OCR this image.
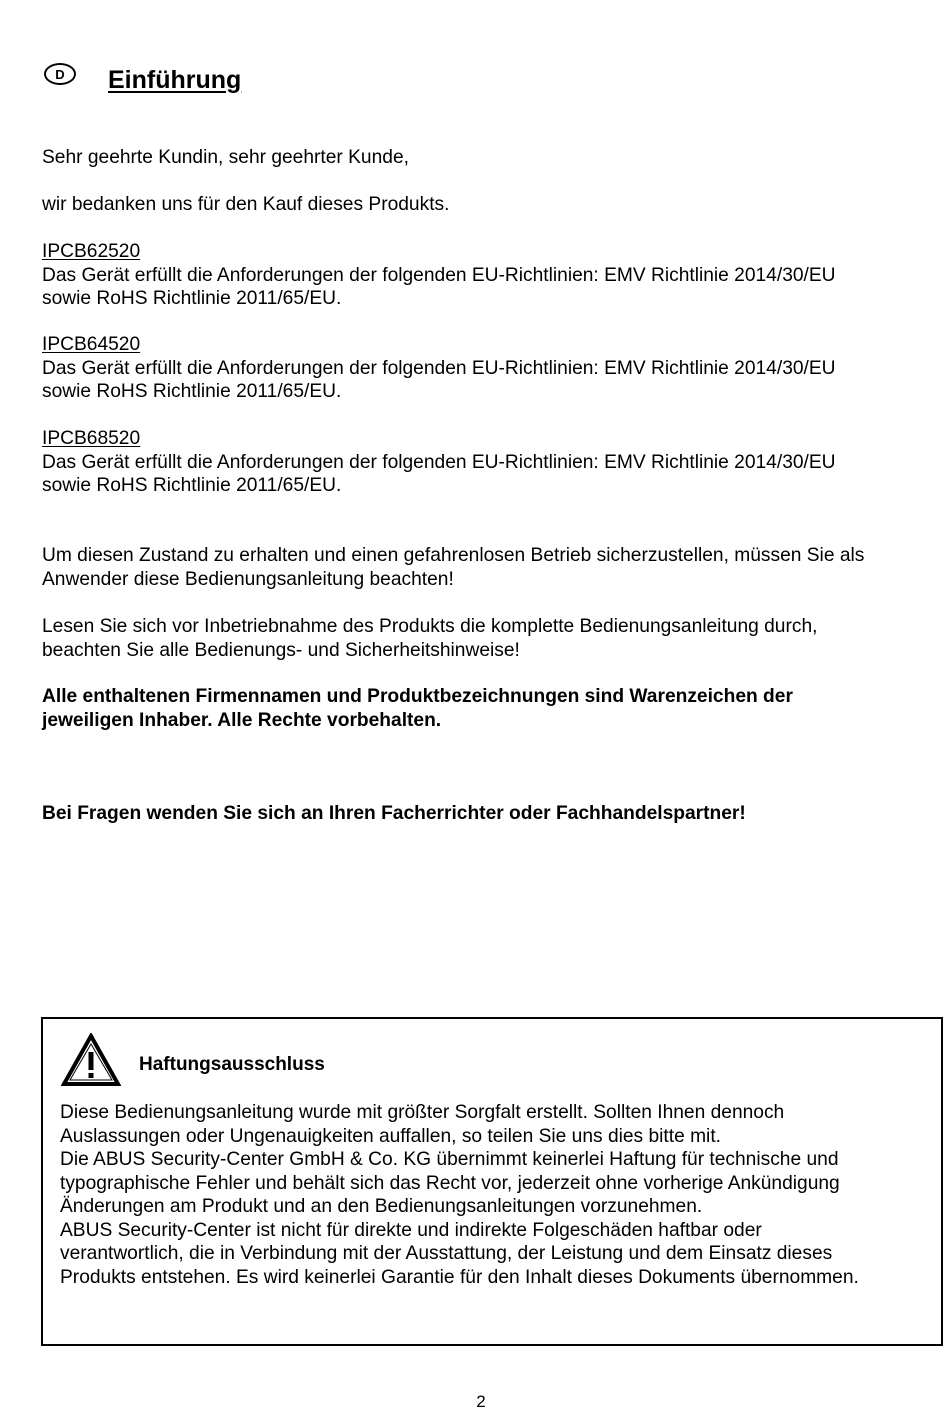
D Einführung

Sehr geehrte Kundin, sehr geehrter Kunde,

wir bedanken uns für den Kauf dieses Produkts.

IPCB62520
Das Gerät erfüllt die Anforderungen der folgenden EU-Richtlinien: EMV Richtlinie 2014/30/EU
sowie RoHS Richtlinie 2011/65/EU.
IPCB64520
Das Gerät erfüllt die Anforderungen der folgenden EU-Richtlinien: EMV Richtlinie 2014/30/EU
sowie RoHS Richtlinie 2011/65/EU.
IPCB68520
Das Gerät erfüllt die Anforderungen der folgenden EU-Richtlinien: EMV Richtlinie 2014/30/EU
sowie RoHS Richtlinie 2011/65/EU.
Um diesen Zustand zu erhalten und einen gefahrenlosen Betrieb sicherzustellen, müssen Sie als
Anwender diese Bedienungsanleitung beachten!
Lesen Sie sich vor Inbetriebnahme des Produkts die komplette Bedienungsanleitung durch,
beachten Sie alle Bedienungs- und Sicherheitshinweise!
Alle enthaltenen Firmennamen und Produktbezeichnungen sind Warenzeichen der
jeweiligen Inhaber. Alle Rechte vorbehalten.

Bei Fragen wenden Sie sich an Ihren Facherrichter oder Fachhandelspartner!

Haftungsausschluss

Diese Bedienungsanleitung wurde mit größter Sorgfalt erstellt. Sollten Ihnen dennoch
Auslassungen oder Ungenauigkeiten auffallen, so teilen Sie uns dies bitte mit.
Die ABUS Security-Center GmbH & Co. KG übernimmt keinerlei Haftung für technische und
typographische Fehler und behält sich das Recht vor, jederzeit ohne vorherige Ankündigung
Änderungen am Produkt und an den Bedienungsanleitungen vorzunehmen.
ABUS Security-Center ist nicht für direkte und indirekte Folgeschäden haftbar oder
verantwortlich, die in Verbindung mit der Ausstattung, der Leistung und dem Einsatz dieses
Produkts entstehen. Es wird keinerlei Garantie für den Inhalt dieses Dokuments übernommen.
2
